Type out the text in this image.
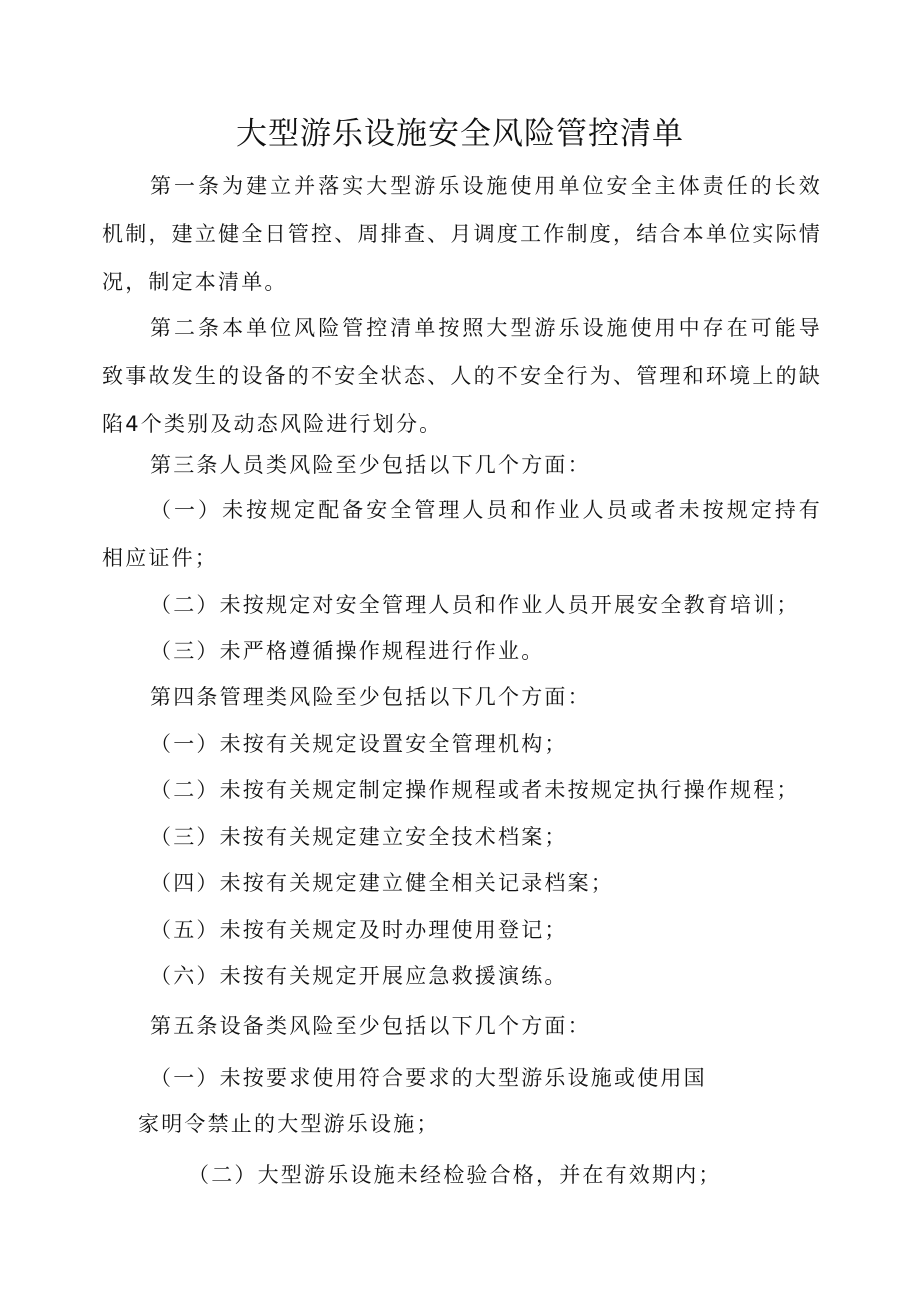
大型游乐设施安全风险管控清单
第一条为建立并落实大型游乐设施使用单位安全主体责任的长效机制，建立健全日管控、周排查、月调度工作制度，结合本单位实际情况，制定本清单。
第二条本单位风险管控清单按照大型游乐设施使用中存在可能导致事故发生的设备的不安全状态、人的不安全行为、管理和环境上的缺陷4个类别及动态风险进行划分。
第三条人员类风险至少包括以下几个方面：
（一）未按规定配备安全管理人员和作业人员或者未按规定持有相应证件；
（二）未按规定对安全管理人员和作业人员开展安全教育培训；
（三）未严格遵循操作规程进行作业。
第四条管理类风险至少包括以下几个方面：
（一）未按有关规定设置安全管理机构；
（二）未按有关规定制定操作规程或者未按规定执行操作规程；
（三）未按有关规定建立安全技术档案；
（四）未按有关规定建立健全相关记录档案；
（五）未按有关规定及时办理使用登记；
（六）未按有关规定开展应急救援演练。
第五条设备类风险至少包括以下几个方面：
（一）未按要求使用符合要求的大型游乐设施或使用国
家明令禁止的大型游乐设施；
（二）大型游乐设施未经检验合格，并在有效期内；
